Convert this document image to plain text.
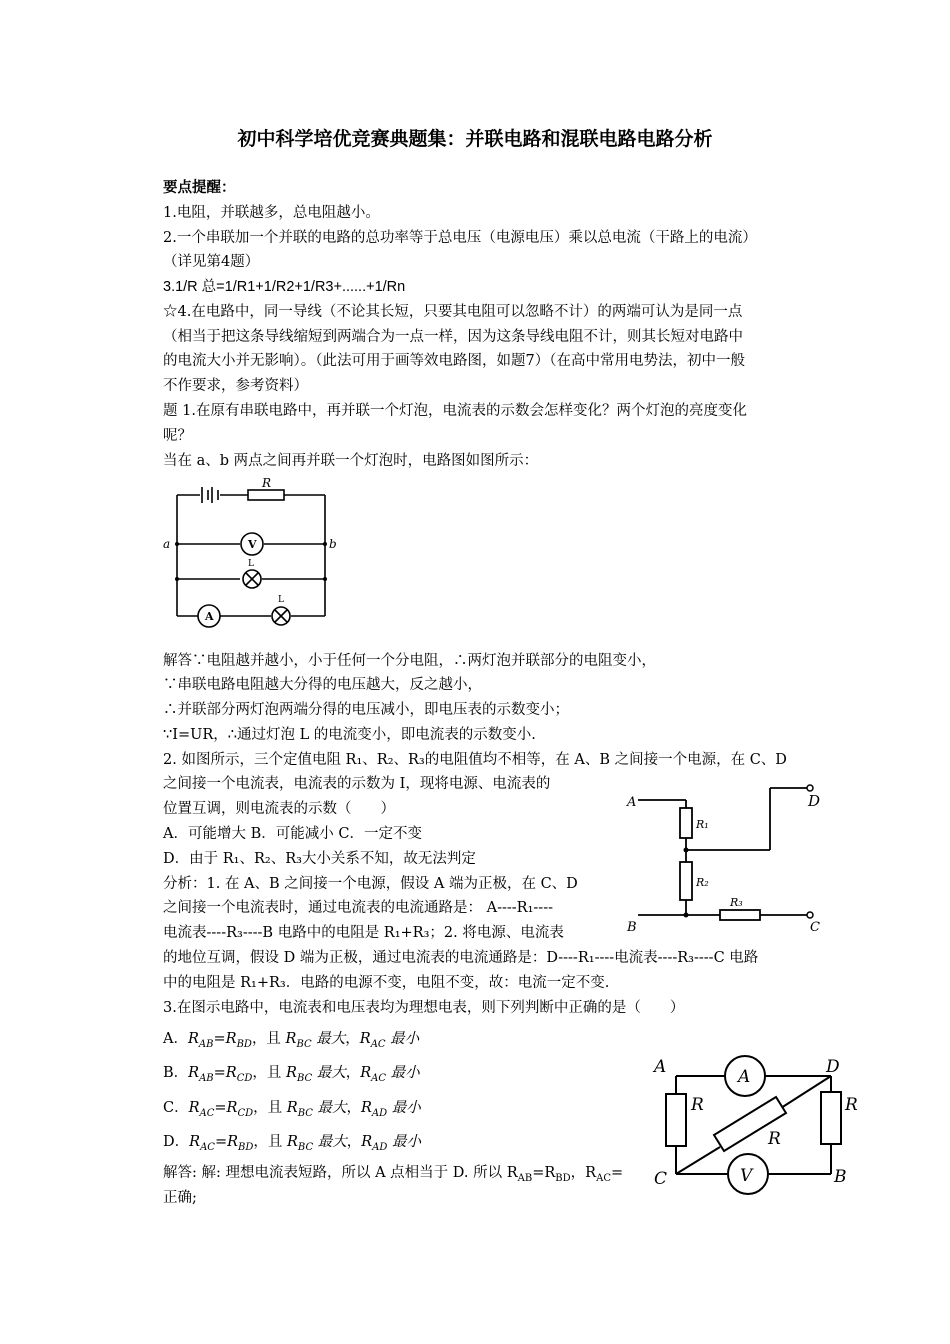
初中科学培优竞赛典题集：并联电路和混联电路电路分析
要点提醒：
1.电阻，并联越多，总电阻越小。
2.一个串联加一个并联的电路的总功率等于总电压（电源电压）乘以总电流（干路上的电流）
（详见第4题）
3.1/R 总=1/R1+1/R2+1/R3+......+1/Rn
☆4.在电路中，同一导线（不论其长短，只要其电阻可以忽略不计）的两端可认为是同一点
（相当于把这条导线缩短到两端合为一点一样，因为这条导线电阻不计，则其长短对电路中
的电流大小并无影响）。（此法可用于画等效电路图，如题7）（在高中常用电势法，初中一般
不作要求，参考资料）
题 1.在原有串联电路中，再并联一个灯泡，电流表的示数会怎样变化？两个灯泡的亮度变化
呢？
当在 a、b 两点之间再并联一个灯泡时，电路图如图所示：
R
a	b
V
L
A
L
解答∵电阻越并越小，小于任何一个分电阻，∴两灯泡并联部分的电阻变小，
∵串联电路电阻越大分得的电压越大，反之越小，
∴并联部分两灯泡两端分得的电压减小，即电压表的示数变小；
∵I=UR，∴通过灯泡 L 的电流变小，即电流表的示数变小.
2. 如图所示，三个定值电阻 R₁、R₂、R₃的电阻值均不相等，在 A、B 之间接一个电源，在 C、D
之间接一个电流表，电流表的示数为 I，现将电源、电流表的
位置互调，则电流表的示数（　　）
A．可能增大 B．可能减小 C．一定不变
D．由于 R₁、R₂、R₃大小关系不知，故无法判定
分析：1. 在 A、B 之间接一个电源，假设 A 端为正极，在 C、D
之间接一个电流表时，通过电流表的电流通路是： A----R₁----
电流表----R₃----B 电路中的电阻是 R₁+R₃；2. 将电源、电流表
的地位互调，假设 D 端为正极，通过电流表的电流通路是：D----R₁----电流表----R₃----C 电路
中的电阻是 R₁+R₃．电路的电源不变，电阻不变，故：电流一定不变.
A	D
B	C
R₁
R₂
R₃
3.在图示电路中，电流表和电压表均为理想电表，则下列判断中正确的是（　　）
A．$R_{AB}=R_{BD}$，且 $R_{BC}$ 最大，$R_{AC}$ 最小
B．$R_{AB}=R_{CD}$，且 $R_{BC}$ 最大，$R_{AC}$ 最小
C．$R_{AC}=R_{CD}$，且 $R_{BC}$ 最大，$R_{AD}$ 最小
D．$R_{AC}=R_{BD}$，且 $R_{BC}$ 最大，$R_{AD}$ 最小
解答: 解: 理想电流表短路，所以 A 点相当于 D. 所以 $R_{AB}=R_{BD}$，$R_{AC}=$
正确;
A	D
C	B
R	R
R
A
V
